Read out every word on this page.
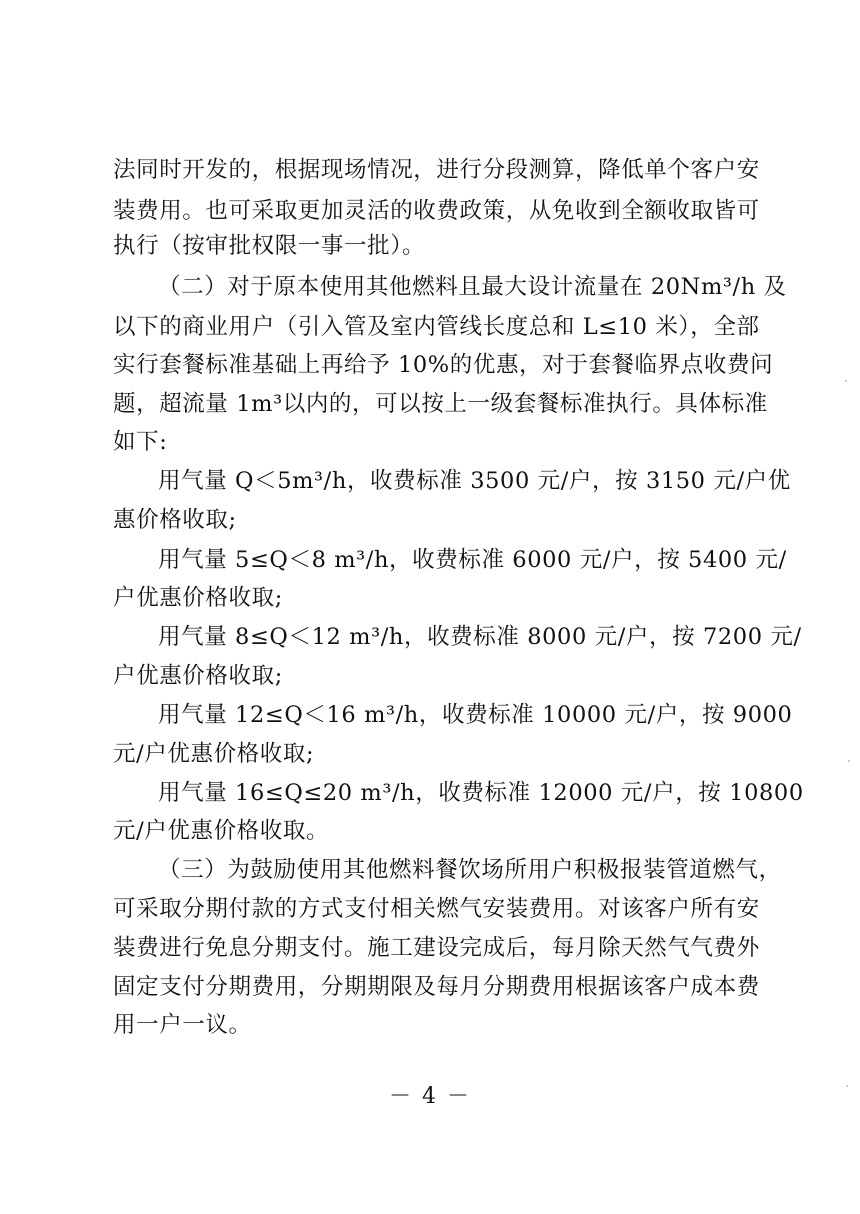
法同时开发的，根据现场情况，进行分段测算，降低单个客户安
装费用。也可采取更加灵活的收费政策，从免收到全额收取皆可
执行（按审批权限一事一批）。
（二）对于原本使用其他燃料且最大设计流量在 20Nm³/h 及
以下的商业用户（引入管及室内管线长度总和 L≤10 米），全部
实行套餐标准基础上再给予 10%的优惠，对于套餐临界点收费问
题，超流量 1m³以内的，可以按上一级套餐标准执行。具体标准
如下:
用气量 Q＜5m³/h，收费标准 3500 元/户，按 3150 元/户优
惠价格收取;
用气量 5≤Q＜8 m³/h，收费标准 6000 元/户，按 5400 元/
户优惠价格收取;
用气量 8≤Q＜12 m³/h，收费标准 8000 元/户，按 7200 元/
户优惠价格收取;
用气量 12≤Q＜16 m³/h，收费标准 10000 元/户，按 9000
元/户优惠价格收取;
用气量 16≤Q≤20 m³/h，收费标准 12000 元/户，按 10800
元/户优惠价格收取。
（三）为鼓励使用其他燃料餐饮场所用户积极报装管道燃气，
可采取分期付款的方式支付相关燃气安装费用。对该客户所有安
装费进行免息分期支付。施工建设完成后，每月除天然气气费外
固定支付分期费用，分期期限及每月分期费用根据该客户成本费
用一户一议。
－ 4 －
